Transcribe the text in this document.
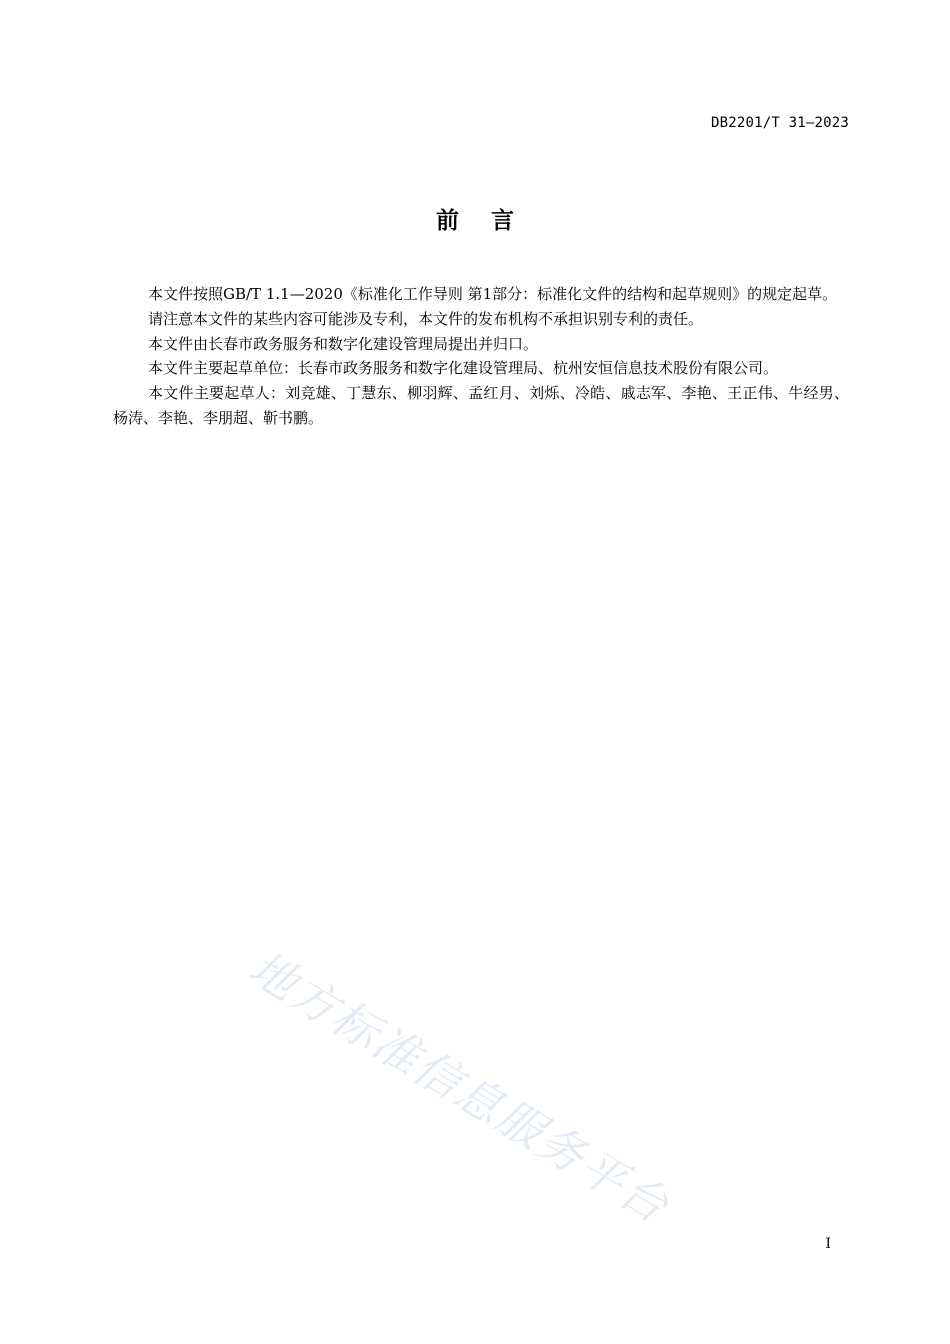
DB2201/T 31—2023
前    言

本文件按照GB/T 1.1—2020《标准化工作导则 第1部分：标准化文件的结构和起草规则》的规定起草。

请注意本文件的某些内容可能涉及专利，本文件的发布机构不承担识别专利的责任。

本文件由长春市政务服务和数字化建设管理局提出并归口。

本文件主要起草单位：长春市政务服务和数字化建设管理局、杭州安恒信息技术股份有限公司。

本文件主要起草人：刘竞雄、丁慧东、柳羽辉、孟红月、刘烁、冷皓、戚志军、李艳、王正伟、牛经男、杨涛、李艳、李朋超、靳书鹏。

地方标准信息服务平台
I
